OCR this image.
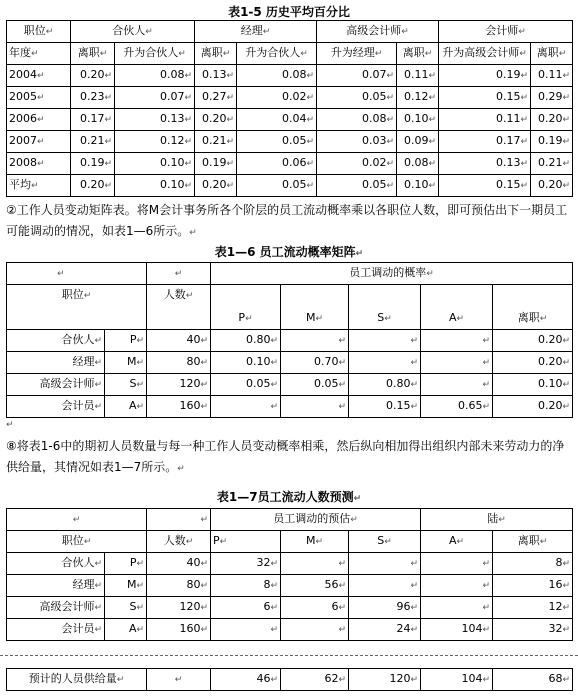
表1-5 历史平均百分比
职位 ↵	合伙人 ↵		经理 ↵		高级会计师 ↵		会计师 ↵
年度 ↵	离职 ↵	升为合伙人 ↵	离职 ↵	升为合伙人 ↵	升为经理 ↵	离职 ↵	升为高级会计师 ↵	离职 ↵
2004 ↵	0.20 ↵	0.08 ↵	0.13 ↵	0.08 ↵	0.07 ↵	0.11 ↵	0.19 ↵	0.11 ↵
2005 ↵	0.23 ↵	0.07 ↵	0.27 ↵	0.02 ↵	0.05 ↵	0.12 ↵	0.15 ↵	0.29 ↵
2006 ↵	0.17 ↵	0.13 ↵	0.20 ↵	0.04 ↵	0.08 ↵	0.10 ↵	0.11 ↵	0.20 ↵
2007 ↵	0.21 ↵	0.12 ↵	0.21 ↵	0.05 ↵	0.03 ↵	0.09 ↵	0.17 ↵	0.19 ↵
2008 ↵	0.19 ↵	0.10 ↵	0.19 ↵	0.06 ↵	0.02 ↵	0.08 ↵	0.13 ↵	0.21 ↵
平均 ↵	0.20 ↵	0.10 ↵	0.20 ↵	0.05 ↵	0.05 ↵	0.10 ↵	0.15 ↵	0.20 ↵
②工作人员变动矩阵表。将M会计事务所各个阶层的员工流动概率乘以各职位人数，即可预估出下一期员工可能调动的情况，如表1—6所示。 ↵
表1—6 员工流动概率矩阵 ↵
↵	↵	员工调动的概率 ↵
职位 ↵		人数 ↵	P ↵	M ↵	S ↵	A ↵	离职 ↵
合伙人 ↵	P ↵	40 ↵	0.80 ↵	↵	↵	↵	0.20 ↵
经理 ↵	M ↵	80 ↵	0.10 ↵	0.70 ↵	↵	↵	0.20 ↵
高级会计师 ↵	S ↵	120 ↵	0.05 ↵	0.05 ↵	0.80 ↵	↵	0.10 ↵
会计员 ↵	A ↵	160 ↵	↵	↵	0.15 ↵	0.65 ↵	0.20 ↵
↵
⑧将表1-6中的期初人员数量与每一种工作人员变动概率相乘，然后纵向相加得出组织内部未来劳动力的净供给量，其情况如表1—7所示。 ↵
表1—7员工流动人数预测 ↵
↵	↵	员工调动的预估 ↵			陆 ↵
职位 ↵		人数 ↵	P ↵	M ↵	S ↵	A ↵	离职 ↵
合伙人 ↵	P ↵	40 ↵	32 ↵	↵	↵	↵	8 ↵
经理 ↵	M ↵	80 ↵	8 ↵	56 ↵	↵	↵	16 ↵
高级会计师 ↵	S ↵	120 ↵	6 ↵	6 ↵	96 ↵	↵	12 ↵
会计员 ↵	A ↵	160 ↵	↵	↵	24 ↵	104 ↵	32 ↵
预计的人员供给量 ↵	↵	46 ↵	62 ↵	120 ↵	104 ↵	68 ↵
